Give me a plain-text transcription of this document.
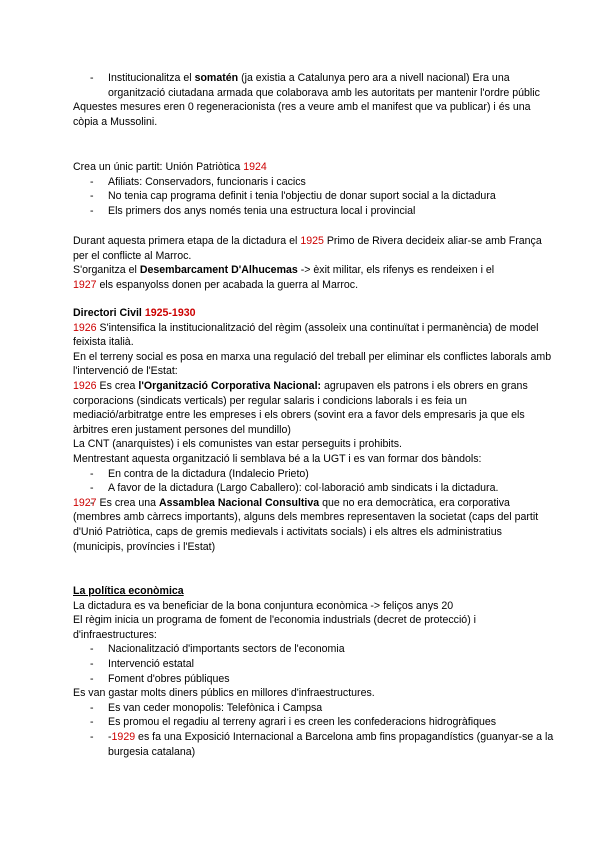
- Institucionalitza el somatén (ja existia a Catalunya pero ara a nivell nacional) Era una organització ciutadana armada que colaborava amb les autoritats per mantenir l'ordre públic

Aquestes mesures eren 0 regeneracionista (res a veure amb el manifest que va publicar) i és una còpia a Mussolini.

Crea un únic partit: Unión Patriòtica 1924

- Afiliats: Conservadors, funcionaris i cacics
- No tenia cap programa definit i tenia l'objectiu de donar suport social a la dictadura
- Els primers dos anys només tenia una estructura local i provincial

Durant aquesta primera etapa de la dictadura el 1925 Primo de Rivera decideix aliar-se amb França per el conflicte al Marroc.

S'organitza el Desembarcament D'Alhucemas -> èxit militar, els rifenys es rendeixen i el

1927 els espanyolss donen per acabada la guerra al Marroc.

Directori Civil 1925-1930

1926 S'intensifica la institucionalització del règim (assoleix una continuïtat i permanència) de model feixista italià.

En el terreny social es posa en marxa una regulació del treball per eliminar els conflictes laborals amb l'intervenció de l'Estat:

1926 Es crea l'Organització Corporativa Nacional: agrupaven els patrons i els obrers en grans corporacions (sindicats verticals) per regular salaris i condicions laborals i es feia un mediació/arbitratge entre les empreses i els obrers (sovint era a favor dels empresaris ja que els àrbitres eren justament persones del mundillo)

La CNT (anarquistes) i els comunistes van estar perseguits i prohibits.

Mentrestant aquesta organització li semblava bé a la UGT i es van formar dos bàndols:

- En contra de la dictadura (Indalecio Prieto)
- A favor de la dictadura (Largo Caballero): col·laboració amb sindicats i la dictadura.

1927 Es crea una Assamblea Nacional Consultiva que no era democràtica, era corporativa (membres amb càrrecs importants), alguns dels membres representaven la societat (caps del partit d'Unió Patriòtica, caps de gremis medievals i activitats socials) i els altres els administratius (municipis, províncies i l'Estat)

La política econòmica

La dictadura es va beneficiar de la bona conjuntura econòmica -> feliços anys 20

El règim inicia un programa de foment de l'economia industrials (decret de protecció) i d'infraestructures:

- Nacionalització d'importants sectors de l'economia
- Intervenció estatal
- Foment d'obres públiques

Es van gastar molts diners públics en millores d'infraestructures.

- Es van ceder monopolis: Telefònica i Campsa
- Es promou el regadiu al terreny agrari i es creen les confederacions hidrogràfiques
- -1929 es fa una Exposició Internacional a Barcelona amb fins propagandístics (guanyar-se a la burgesia catalana)
